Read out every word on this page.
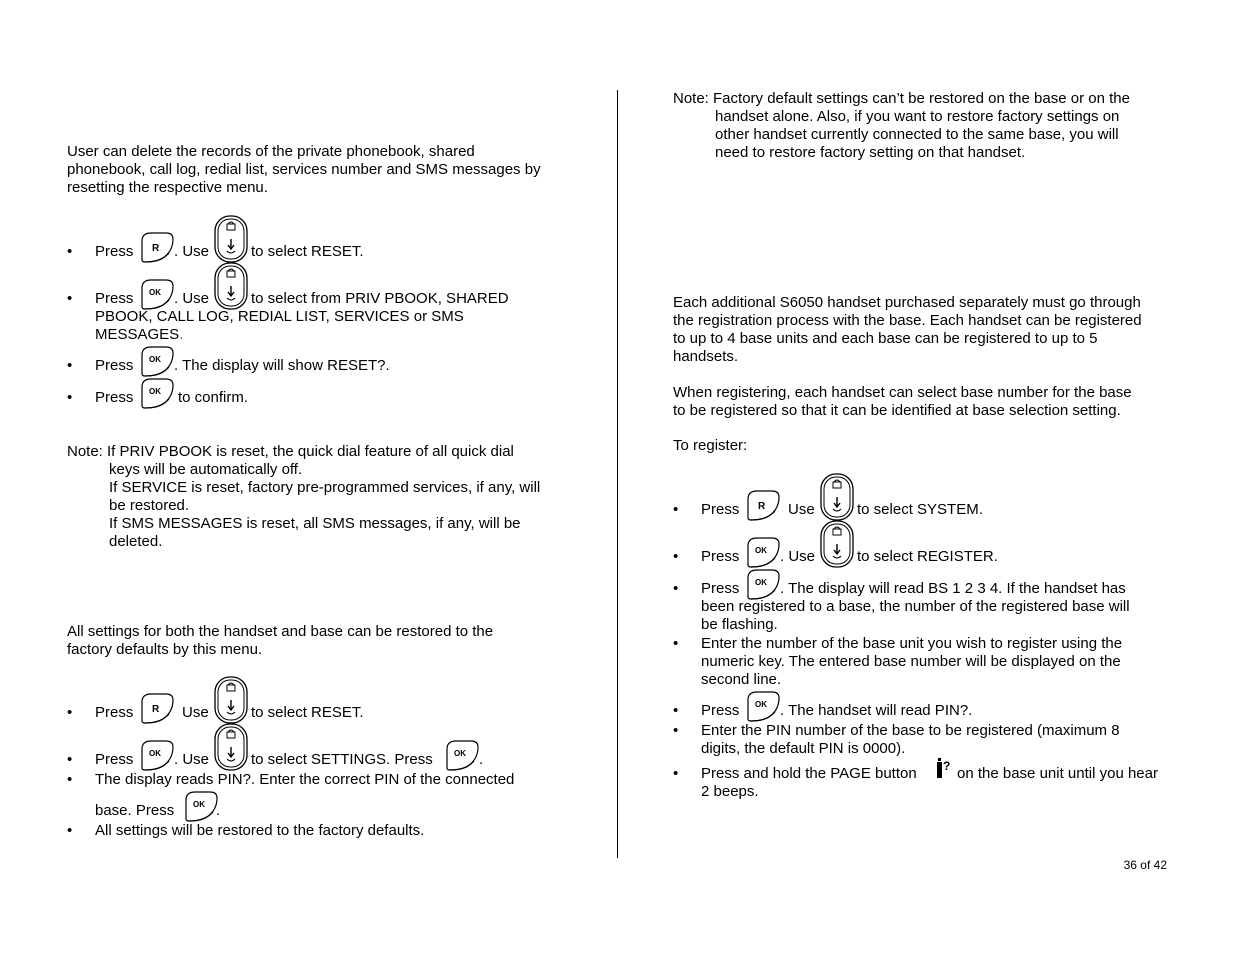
User can delete the records of the private phonebook, shared
phonebook, call log, redial list, services number and SMS messages by
resetting the respective menu.
• Press R . Use	to select RESET.
• Press OK . Use	to select from PRIV PBOOK, SHARED
PBOOK, CALL LOG, REDIAL LIST, SERVICES or SMS
MESSAGES.
• Press OK . The display will show RESET?.
• Press OK to confirm.
Note: If PRIV PBOOK is reset, the quick dial feature of all quick dial
keys will be automatically off.
If SERVICE is reset, factory pre-programmed services, if any, will
be restored.
If SMS MESSAGES is reset, all SMS messages, if any, will be
deleted.
All settings for both the handset and base can be restored to the
factory defaults by this menu.
• Press R Use	to select RESET.
• Press OK . Use	to select SETTINGS. Press	OK .
• The display reads PIN?. Enter the correct PIN of the connected
base. Press OK .
• All settings will be restored to the factory defaults.
Note: Factory default settings can’t be restored on the base or on the
handset alone. Also, if you want to restore factory settings on
other handset currently connected to the same base, you will
need to restore factory setting on that handset.
Each additional S6050 handset purchased separately must go through
the registration process with the base. Each handset can be registered
to up to 4 base units and each base can be registered to up to 5
handsets.
When registering, each handset can select base number for the base
to be registered so that it can be identified at base selection setting.
To register:
• Press R Use	to select SYSTEM.
• Press OK . Use	to select REGISTER.
• Press OK . The display will read BS 1 2 3 4. If the handset has
been registered to a base, the number of the registered base will
be flashing.
• Enter the number of the base unit you wish to register using the
numeric key. The entered base number will be displayed on the
second line.
• Press OK . The handset will read PIN?.
• Enter the PIN number of the base to be registered (maximum 8
digits, the default PIN is 0000).
• Press and hold the PAGE button ? on the base unit until you hear
2 beeps.
36 of 42
